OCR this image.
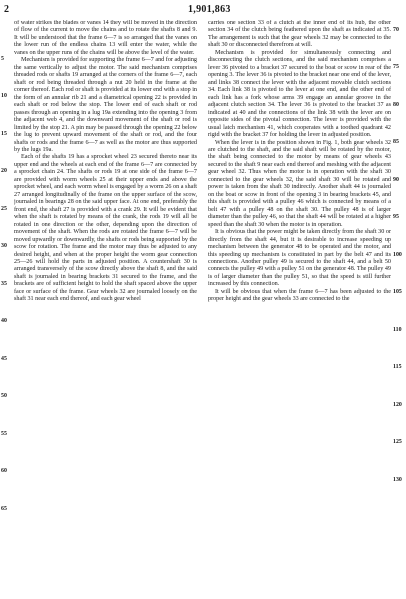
2	1,901,863

of water strikes the blades or vanes 14 they will be moved in the direction of flow of the current to move the chains and to rotate the shafts 8 and 9. It will be understood that the frame 6—7 is so arranged that the vanes on the lower run of the endless chains 13 will enter the water, while the vanes on the upper runs of the chains will be above the level of the water.

Mechanism is provided for supporting the frame 6—7 and for adjusting the same vertically to adjust the motor. The said mechanism comprises threaded rods or shafts 19 arranged at the corners of the frame 6—7, each shaft or rod being threaded through a nut 20 held in the frame at the corner thereof. Each rod or shaft is provided at its lower end with a stop in the form of an annular rib 21 and a diametrical opening 22 is provided in each shaft or rod below the stop. The lower end of each shaft or rod passes through an opening in a lug 19a extending into the opening 3 from the adjacent web 4, and the downward movement of the shaft or rod is limited by the stop 21. A pin may be passed through the opening 22 below the lug to prevent upward movement of the shaft or rod, and the four shafts or rods and the frame 6—7 as well as the motor are thus supported by the lugs 19a.

Each of the shafts 19 has a sprocket wheel 23 secured thereto near its upper end and the wheels at each end of the frame 6—7 are connected by a sprocket chain 24. The shafts or rods 19 at one side of the frame 6—7 are provided with worm wheels 25 at their upper ends and above the sprocket wheel, and each worm wheel is engaged by a worm 26 on a shaft 27 arranged longitudinally of the frame on the upper surface of the scow, journaled in bearings 28 on the said upper face. At one end, preferably the front end, the shaft 27 is provided with a crank 29. It will be evident that when the shaft is rotated by means of the crank, the rods 19 will all be rotated in one direction or the other, depending upon the direction of movement of the shaft. When the rods are rotated the frame 6—7 will be moved upwardly or downwardly, the shafts or rods being supported by the scow for rotation. The frame and the motor may thus be adjusted to any desired height, and when at the proper height the worm gear connection 25—26 will hold the parts in adjusted position. A countershaft 30 is arranged transversely of the scow directly above the shaft 8, and the said shaft is journaled in bearing brackets 31 secured to the frame, and the brackets are of sufficient height to hold the shaft spaced above the upper face or surface of the frame. Gear wheels 32 are journaled loosely on the shaft 31 near each end thereof, and each gear wheel

carries one section 33 of a clutch at the inner end of its hub, the other section 34 of the clutch being feathered upon the shaft as indicated at 35. The arrangement is such that the gear wheels 32 may be connected to the shaft 30 or disconnected therefrom at will.

Mechanism is provided for simultaneously connecting and disconnecting the clutch sections, and the said mechanism comprises a lever 36 pivoted to a bracket 37 secured to the boat or scow in rear of the opening 3. The lever 36 is pivoted to the bracket near one end of the lever, and links 38 connect the lever with the adjacent movable clutch sections 34. Each link 38 is pivoted to the lever at one end, and the other end of each link has a fork whose arms 39 engage an annular groove in the adjacent clutch section 34. The lever 36 is pivoted to the bracket 37 as indicated at 40 and the connections of the link 38 with the lever are on opposite sides of the pivotal connection. The lever is provided with the usual latch mechanism 41, which cooperates with a toothed quadrant 42 rigid with the bracket 37 for holding the lever in adjusted position.

When the lever is in the position shown in Fig. 1, both gear wheels 32 are clutched to the shaft, and the said shaft will be rotated by the motor, the shaft being connected to the motor by means of gear wheels 43 secured to the shaft 9 near each end thereof and meshing with the adjacent gear wheel 32. Thus when the motor is in operation with the shaft 30 connected to the gear wheels 32, the said shaft 30 will be rotated and power is taken from the shaft 30 indirectly. Another shaft 44 is journaled on the boat or scow in front of the opening 3 in bearing brackets 45, and this shaft is provided with a pulley 46 which is connected by means of a belt 47 with a pulley 48 on the shaft 30. The pulley 48 is of larger diameter than the pulley 46, so that the shaft 44 will be rotated at a higher speed than the shaft 30 when the motor is in operation.

It is obvious that the power might be taken directly from the shaft 30 or directly from the shaft 44, but it is desirable to increase speeding up mechanism between the generator 48 to be operated and the motor, and this speeding up mechanism is constituted in part by the belt 47 and its connections. Another pulley 49 is secured to the shaft 44, and a belt 50 connects the pulley 49 with a pulley 51 on the generator 48. The pulley 49 is of larger diameter than the pulley 51, so that the speed is still further increased by this connection.

It will be obvious that when the frame 6—7 has been adjusted to the proper height and the gear wheels 33 are connected to the

5
10
15
20
25
30
35
40
45
50
55
60
65
70
75
80
85
90
95
100
105
110
115
120
125
130
